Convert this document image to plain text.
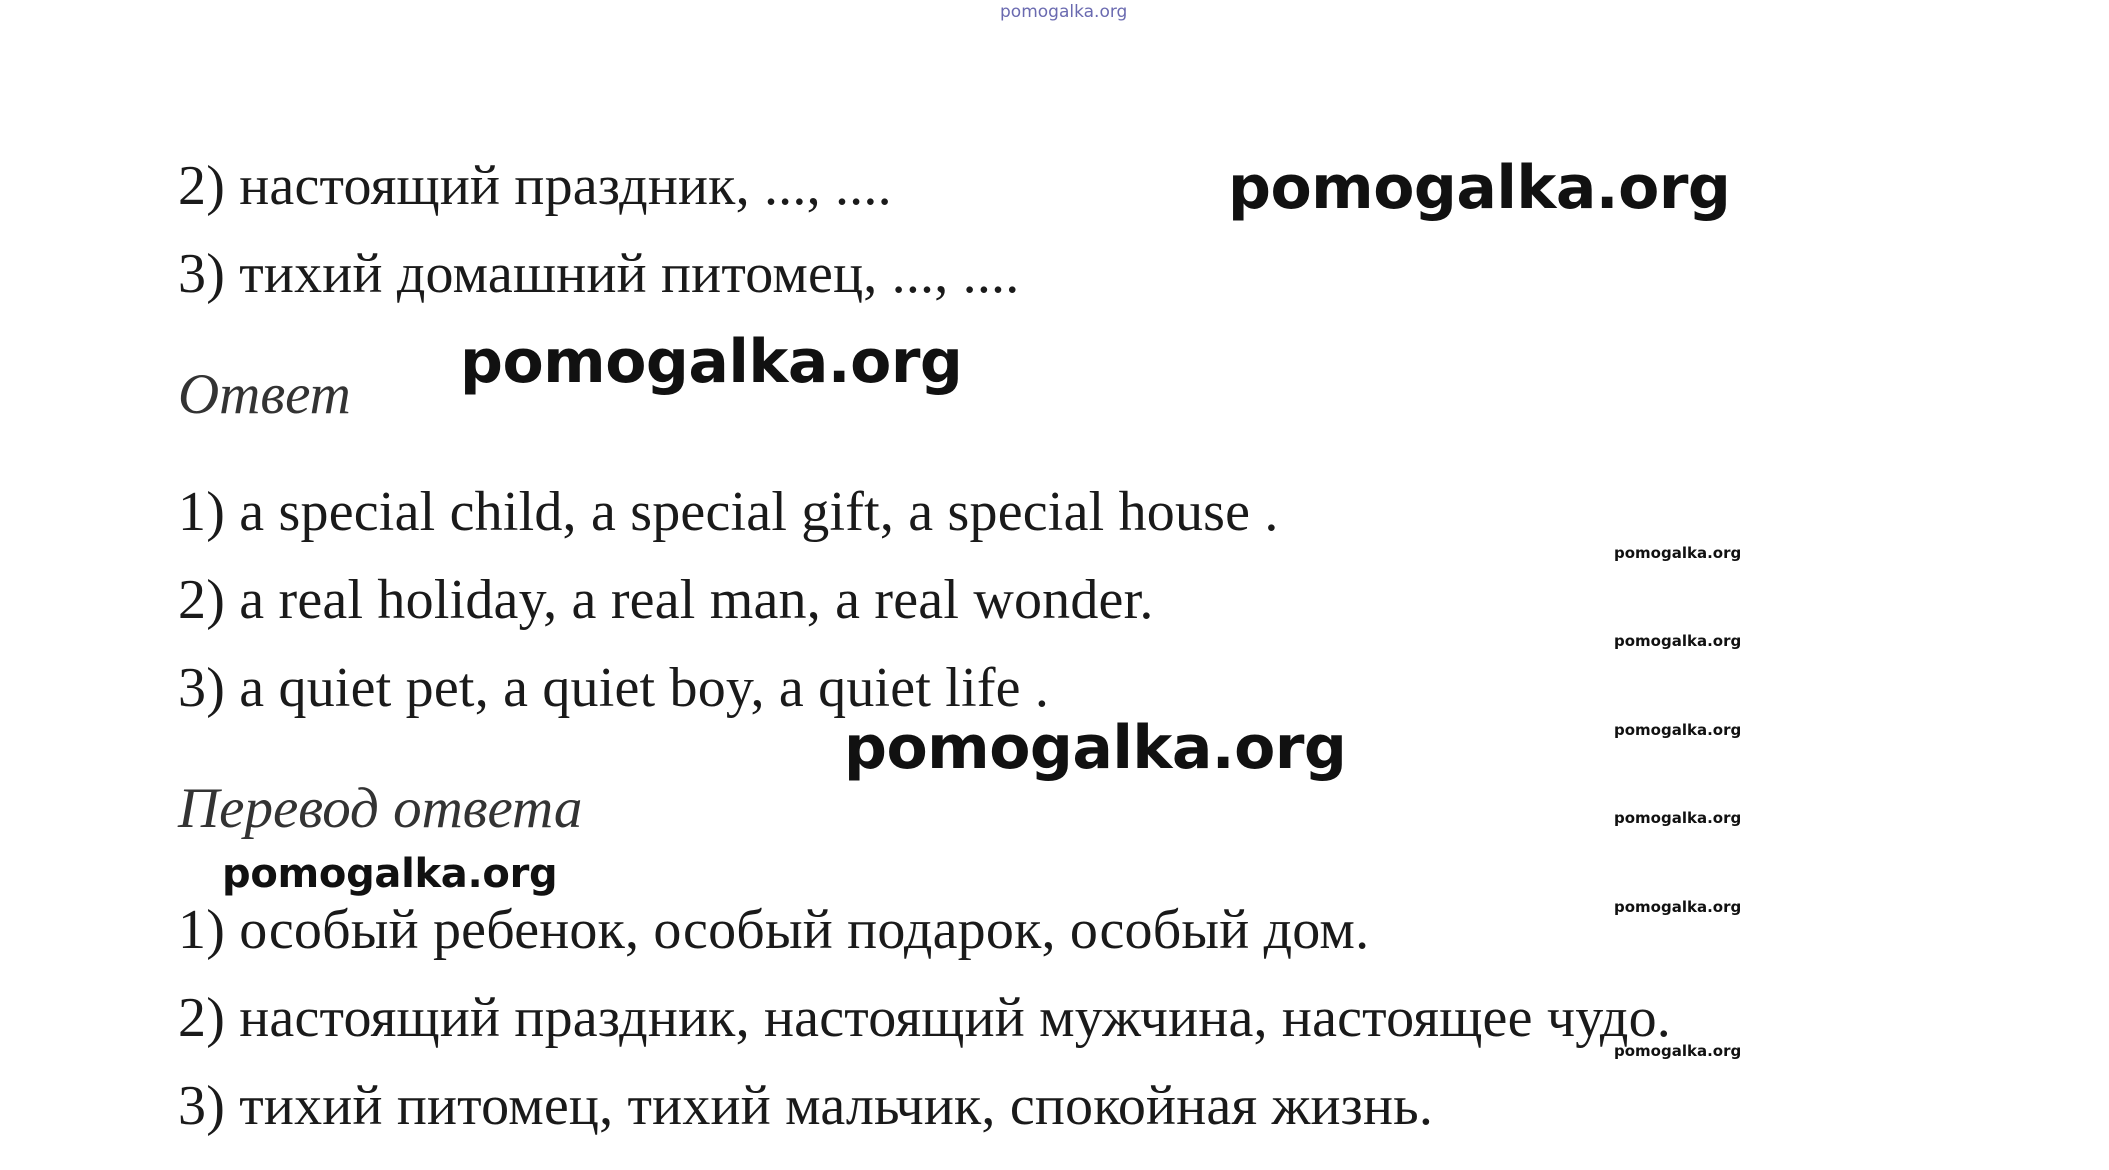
pomogalka.org
2) настоящий праздник, ..., ....
3) тихий домашний питомец, ..., ....
Ответ
1) a special child, a special gift, a special house .
2) a real holiday, a real man, a real wonder.
3) a quiet pet, a quiet boy, a quiet life .
Перевод ответа
1) особый ребенок, особый подарок, особый дом.
2) настоящий праздник, настоящий мужчина, настоящее чудо.
3) тихий питомец, тихий мальчик, спокойная жизнь.
pomogalka.org
pomogalka.org
pomogalka.org
pomogalka.org
pomogalka.org
pomogalka.org
pomogalka.org
pomogalka.org
pomogalka.org
pomogalka.org
